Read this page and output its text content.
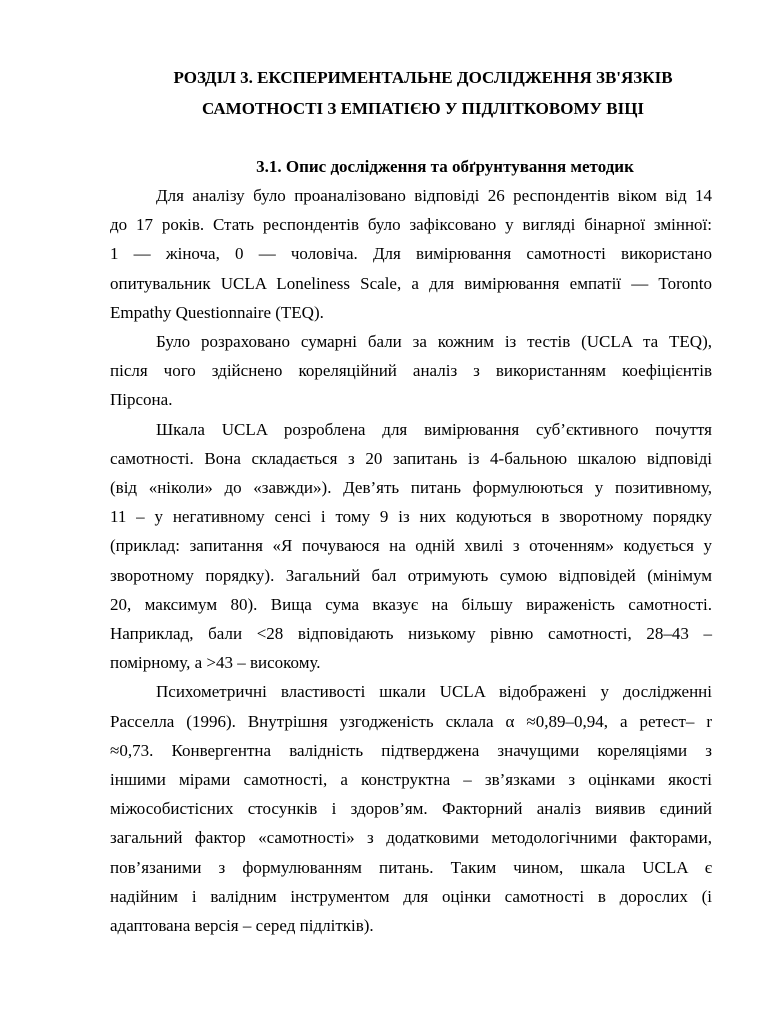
РОЗДІЛ 3. ЕКСПЕРИМЕНТАЛЬНЕ ДОСЛІДЖЕННЯ ЗВ'ЯЗКІВ
САМОТНОСТІ З ЕМПАТІЄЮ У ПІДЛІТКОВОМУ ВІЦІ
3.1. Опис дослідження та обґрунтування методик
Для аналізу було проаналізовано відповіді 26 респондентів віком від 14
до 17 років. Стать респондентів було зафіксовано у вигляді бінарної змінної:
1 — жіноча, 0 — чоловіча. Для вимірювання самотності використано
опитувальник UCLA Loneliness Scale, а для вимірювання емпатії — Toronto
Empathy Questionnaire (TEQ).
Було розраховано сумарні бали за кожним із тестів (UCLA та TEQ),
після чого здійснено кореляційний аналіз з використанням коефіцієнтів
Пірсона.
Шкала UCLA розроблена для вимірювання суб’єктивного почуття
самотності. Вона складається з 20 запитань із 4-бальною шкалою відповіді
(від «ніколи» до «завжди»). Дев’ять питань формулюються у позитивному,
11 – у негативному сенсі і тому 9 із них кодуються в зворотному порядку
(приклад: запитання «Я почуваюся на одній хвилі з оточенням» кодується у
зворотному порядку). Загальний бал отримують сумою відповідей (мінімум
20, максимум 80). Вища сума вказує на більшу вираженість самотності.
Наприклад, бали <28 відповідають низькому рівню самотності, 28–43 –
помірному, а >43 – високому.
Психометричні властивості шкали UCLA відображені у дослідженні
Расселла (1996). Внутрішня узгодженість склала α ≈0,89–0,94, а ретест– r
≈0,73. Конвергентна валідність підтверджена значущими кореляціями з
іншими мірами самотності, а конструктна – зв’язками з оцінками якості
міжособистісних стосунків і здоров’ям. Факторний аналіз виявив єдиний
загальний фактор «самотності» з додатковими методологічними факторами,
пов’язаними з формулюванням питань. Таким чином, шкала UCLA є
надійним і валідним інструментом для оцінки самотності в дорослих (і
адаптована версія – серед підлітків).
